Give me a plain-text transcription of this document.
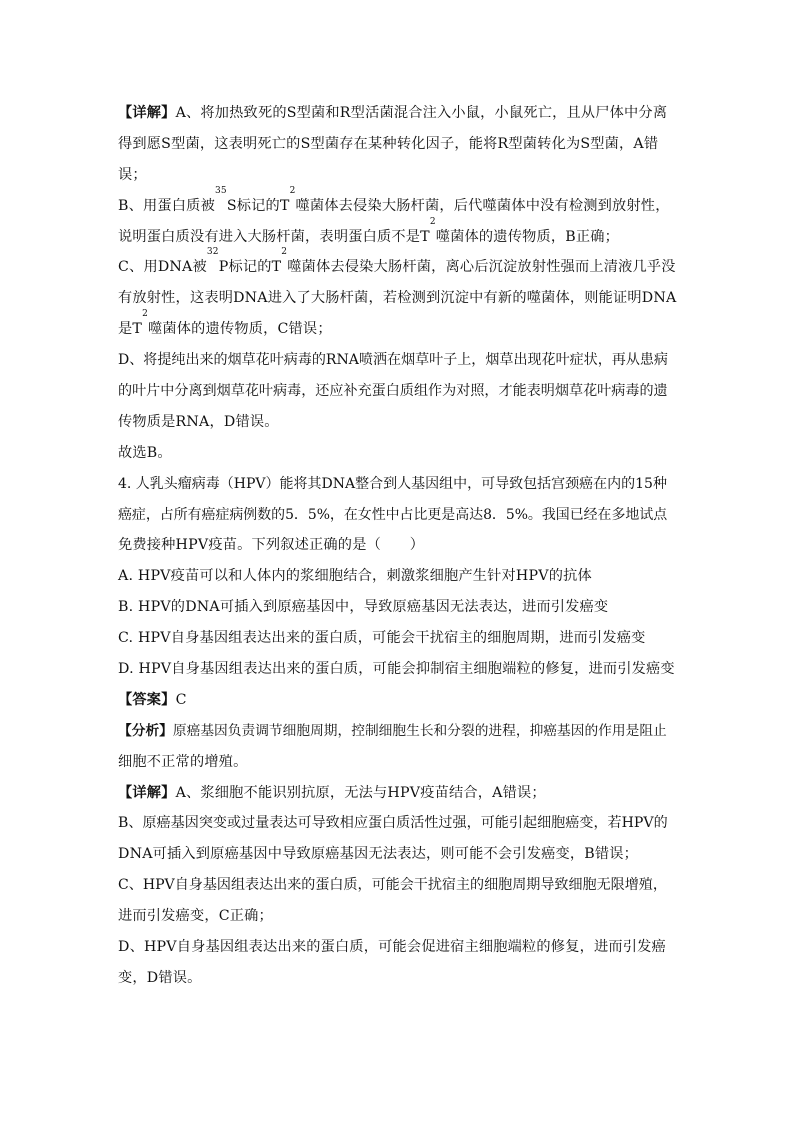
【详解】 A、将加热致死的S型菌和R型活菌混合注入小鼠，小鼠死亡，且从尸体中分离
得到愿S型菌，这表明死亡的S型菌存在某种转化因子，能将R型菌转化为S型菌，A错
误；
B、用蛋白质被
35
S标记的T
2
噬菌体去侵染大肠杆菌，后代噬菌体中没有检测到放射性，
说明蛋白质没有进入大肠杆菌，表明蛋白质不是T
2
噬菌体的遗传物质，B正确；
C、用DNA被
32
P标记的T
2
噬菌体去侵染大肠杆菌，离心后沉淀放射性强而上清液几乎没
有放射性，这表明DNA进入了大肠杆菌，若检测到沉淀中有新的噬菌体，则能证明DNA
是T
2
噬菌体的遗传物质，C错误；
D、将提纯出来的烟草花叶病毒的RNA喷洒在烟草叶子上，烟草出现花叶症状，再从患病
的叶片中分离到烟草花叶病毒，还应补充蛋白质组作为对照，才能表明烟草花叶病毒的遗
传物质是RNA，D错误。
故选B。
4. 人乳头瘤病毒（HPV）能将其DNA整合到人基因组中，可导致包括宫颈癌在内的15种
癌症，占所有癌症病例数的5．5%，在女性中占比更是高达8．5%。我国已经在多地试点
免费接种HPV疫苗。下列叙述正确的是（　　）
A. HPV疫苗可以和人体内的浆细胞结合，刺激浆细胞产生针对HPV的抗体
B. HPV的DNA可插入到原癌基因中，导致原癌基因无法表达，进而引发癌变
C. HPV自身基因组表达出来的蛋白质，可能会干扰宿主的细胞周期，进而引发癌变
D. HPV自身基因组表达出来的蛋白质，可能会抑制宿主细胞端粒的修复，进而引发癌变
【答案】 C
【分析】 原癌基因负责调节细胞周期，控制细胞生长和分裂的进程，抑癌基因的作用是阻止
细胞不正常的增殖。
【详解】 A、浆细胞不能识别抗原，无法与HPV疫苗结合，A错误；
B、原癌基因突变或过量表达可导致相应蛋白质活性过强，可能引起细胞癌变，若HPV的
DNA可插入到原癌基因中导致原癌基因无法表达，则可能不会引发癌变，B错误；
C、HPV自身基因组表达出来的蛋白质，可能会干扰宿主的细胞周期导致细胞无限增殖，
进而引发癌变，C正确；
D、HPV自身基因组表达出来的蛋白质，可能会促进宿主细胞端粒的修复，进而引发癌
变，D错误。
